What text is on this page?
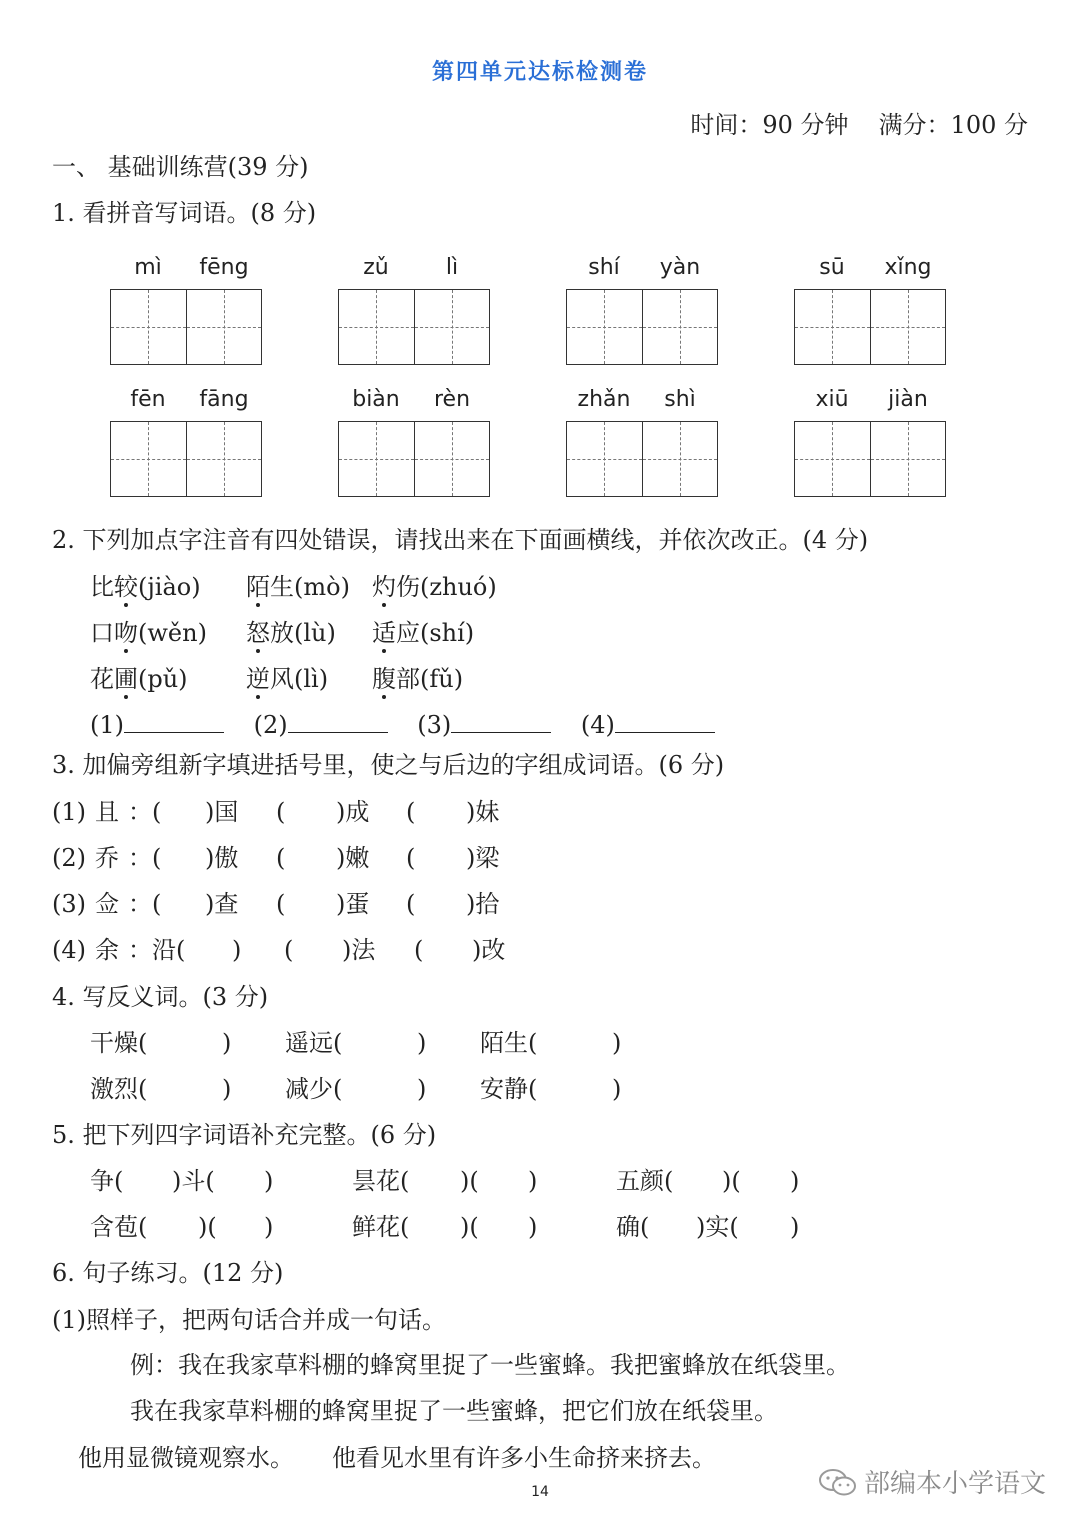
第四单元达标检测卷
时间：90 分钟 满分：100 分
一、 基础训练营(39 分)
1. 看拼音写词语。(8 分)
mì	fēng	zǔ	lì	shí	yàn	sū	xǐng
fēn	fāng	biàn	rèn	zhǎn	shì	xiū	jiàn
2. 下列加点字注音有四处错误，请找出来在下面画横线，并依次改正。(4 分)
比较(jiào) 陌生(mò) 灼伤(zhuó)
口吻(wěn) 怒放(lù) 适应(shí)
花圃(pǔ) 逆风(lì) 腹部(fǔ)
(1)	(2)	(3)	(4)
3. 加偏旁组新字填进括号里，使之与后边的字组成词语。(6 分)
(1) 且 ：( )国 ( )成 ( )妹
(2) 乔 ：( )傲 ( )嫩 ( )梁
(3) 佥 ：( )查 ( )蛋 ( )拾
(4) 余 ：沿( ) ( )法 ( )改
4. 写反义词。(3 分)
干燥(	) 遥远(	) 陌生(	)
激烈(	) 减少(	) 安静(	)
5. 把下列四字词语补充完整。(6 分)
争( )斗( )	昙花( )( )	五颜( )( )
含苞( )( )	鲜花( )( )	确( )实( )
6. 句子练习。(12 分)
(1)照样子，把两句话合并成一句话。
例：我在我家草料棚的蜂窝里捉了一些蜜蜂。我把蜜蜂放在纸袋里。
我在我家草料棚的蜂窝里捉了一些蜜蜂，把它们放在纸袋里。
他用显微镜观察水。 他看见水里有许多小生命挤来挤去。
14	部编本小学语文
